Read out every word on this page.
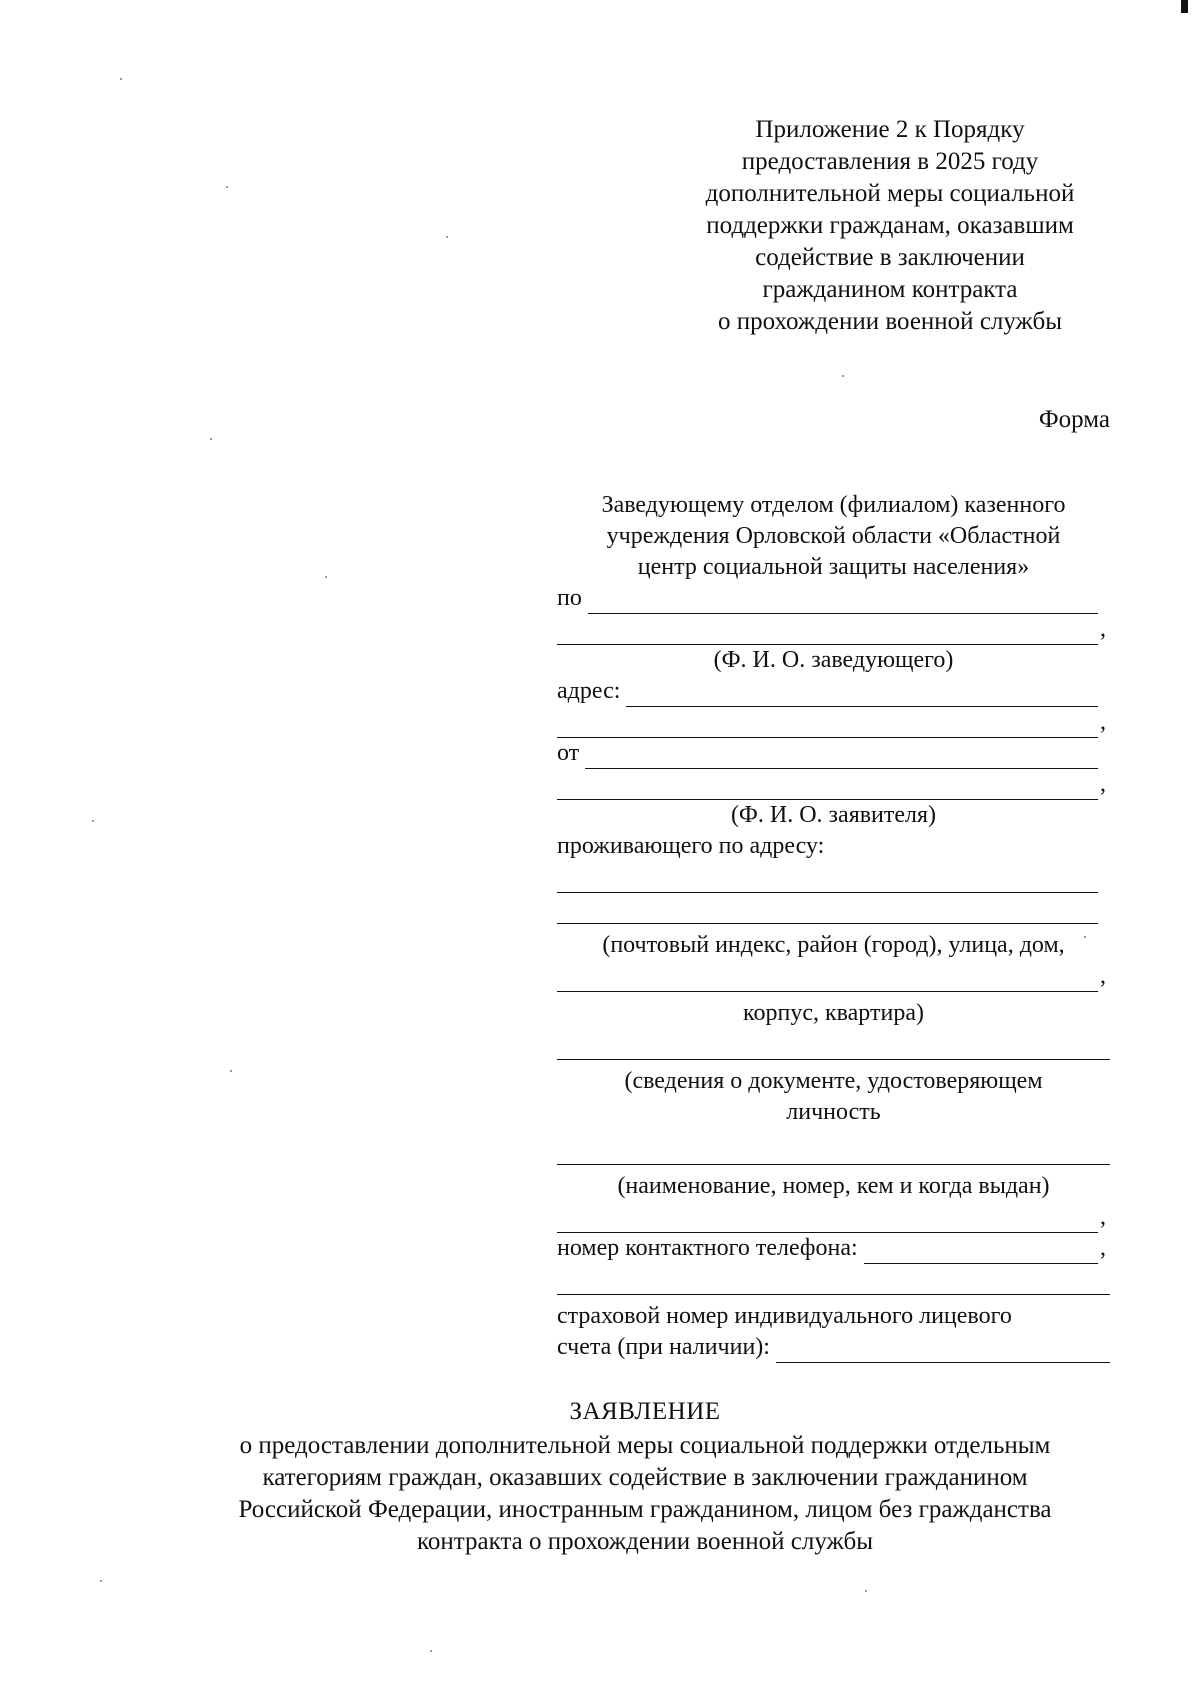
Приложение 2 к Порядку
предоставления в 2025 году
дополнительной меры социальной
поддержки гражданам, оказавшим
содействие в заключении
гражданином контракта
о прохождении военной службы
Форма
Заведующему отделом (филиалом) казенного
учреждения Орловской области «Областной
центр социальной защиты населения»
по
,
(Ф. И. О. заведующего)
адрес:
,
от
,
(Ф. И. О. заявителя)
проживающего по адресу:
(почтовый индекс, район (город), улица, дом,
,
корпус, квартира)
(сведения о документе, удостоверяющем
личность
(наименование, номер, кем и когда выдан)
,
номер контактного телефона:	,
страховой номер индивидуального лицевого
счета (при наличии):
ЗАЯВЛЕНИЕ
о предоставлении дополнительной меры социальной поддержки отдельным
категориям граждан, оказавших содействие в заключении гражданином
Российской Федерации, иностранным гражданином, лицом без гражданства
контракта о прохождении военной службы
